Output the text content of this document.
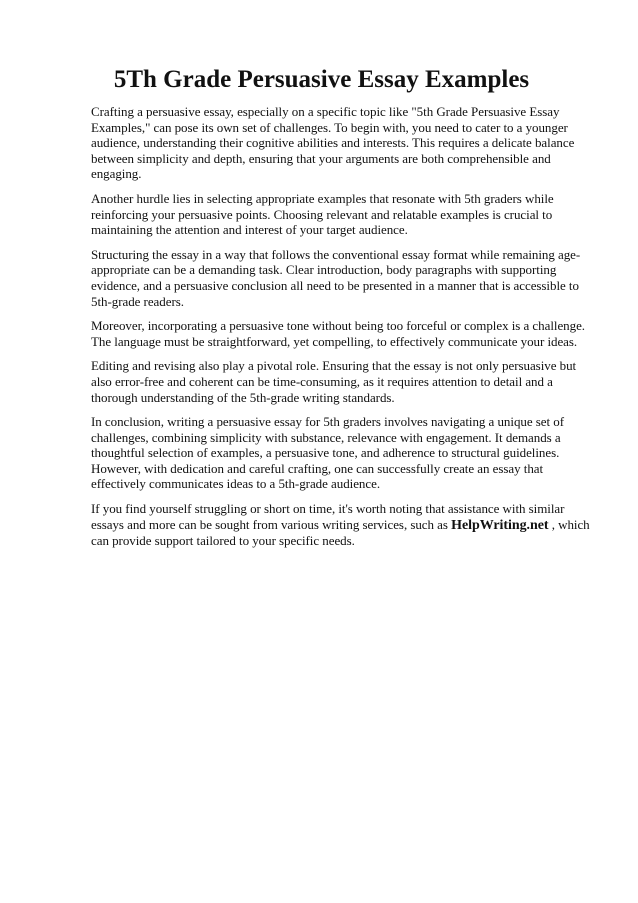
5Th Grade Persuasive Essay Examples

Crafting a persuasive essay, especially on a specific topic like "5th Grade Persuasive Essay Examples," can pose its own set of challenges. To begin with, you need to cater to a younger audience, understanding their cognitive abilities and interests. This requires a delicate balance between simplicity and depth, ensuring that your arguments are both comprehensible and engaging.

Another hurdle lies in selecting appropriate examples that resonate with 5th graders while reinforcing your persuasive points. Choosing relevant and relatable examples is crucial to maintaining the attention and interest of your target audience.

Structuring the essay in a way that follows the conventional essay format while remaining age-appropriate can be a demanding task. Clear introduction, body paragraphs with supporting evidence, and a persuasive conclusion all need to be presented in a manner that is accessible to 5th-grade readers.

Moreover, incorporating a persuasive tone without being too forceful or complex is a challenge. The language must be straightforward, yet compelling, to effectively communicate your ideas.

Editing and revising also play a pivotal role. Ensuring that the essay is not only persuasive but also error-free and coherent can be time-consuming, as it requires attention to detail and a thorough understanding of the 5th-grade writing standards.

In conclusion, writing a persuasive essay for 5th graders involves navigating a unique set of challenges, combining simplicity with substance, relevance with engagement. It demands a thoughtful selection of examples, a persuasive tone, and adherence to structural guidelines. However, with dedication and careful crafting, one can successfully create an essay that effectively communicates ideas to a 5th-grade audience.

If you find yourself struggling or short on time, it's worth noting that assistance with similar essays and more can be sought from various writing services, such as HelpWriting.net , which can provide support tailored to your specific needs.
